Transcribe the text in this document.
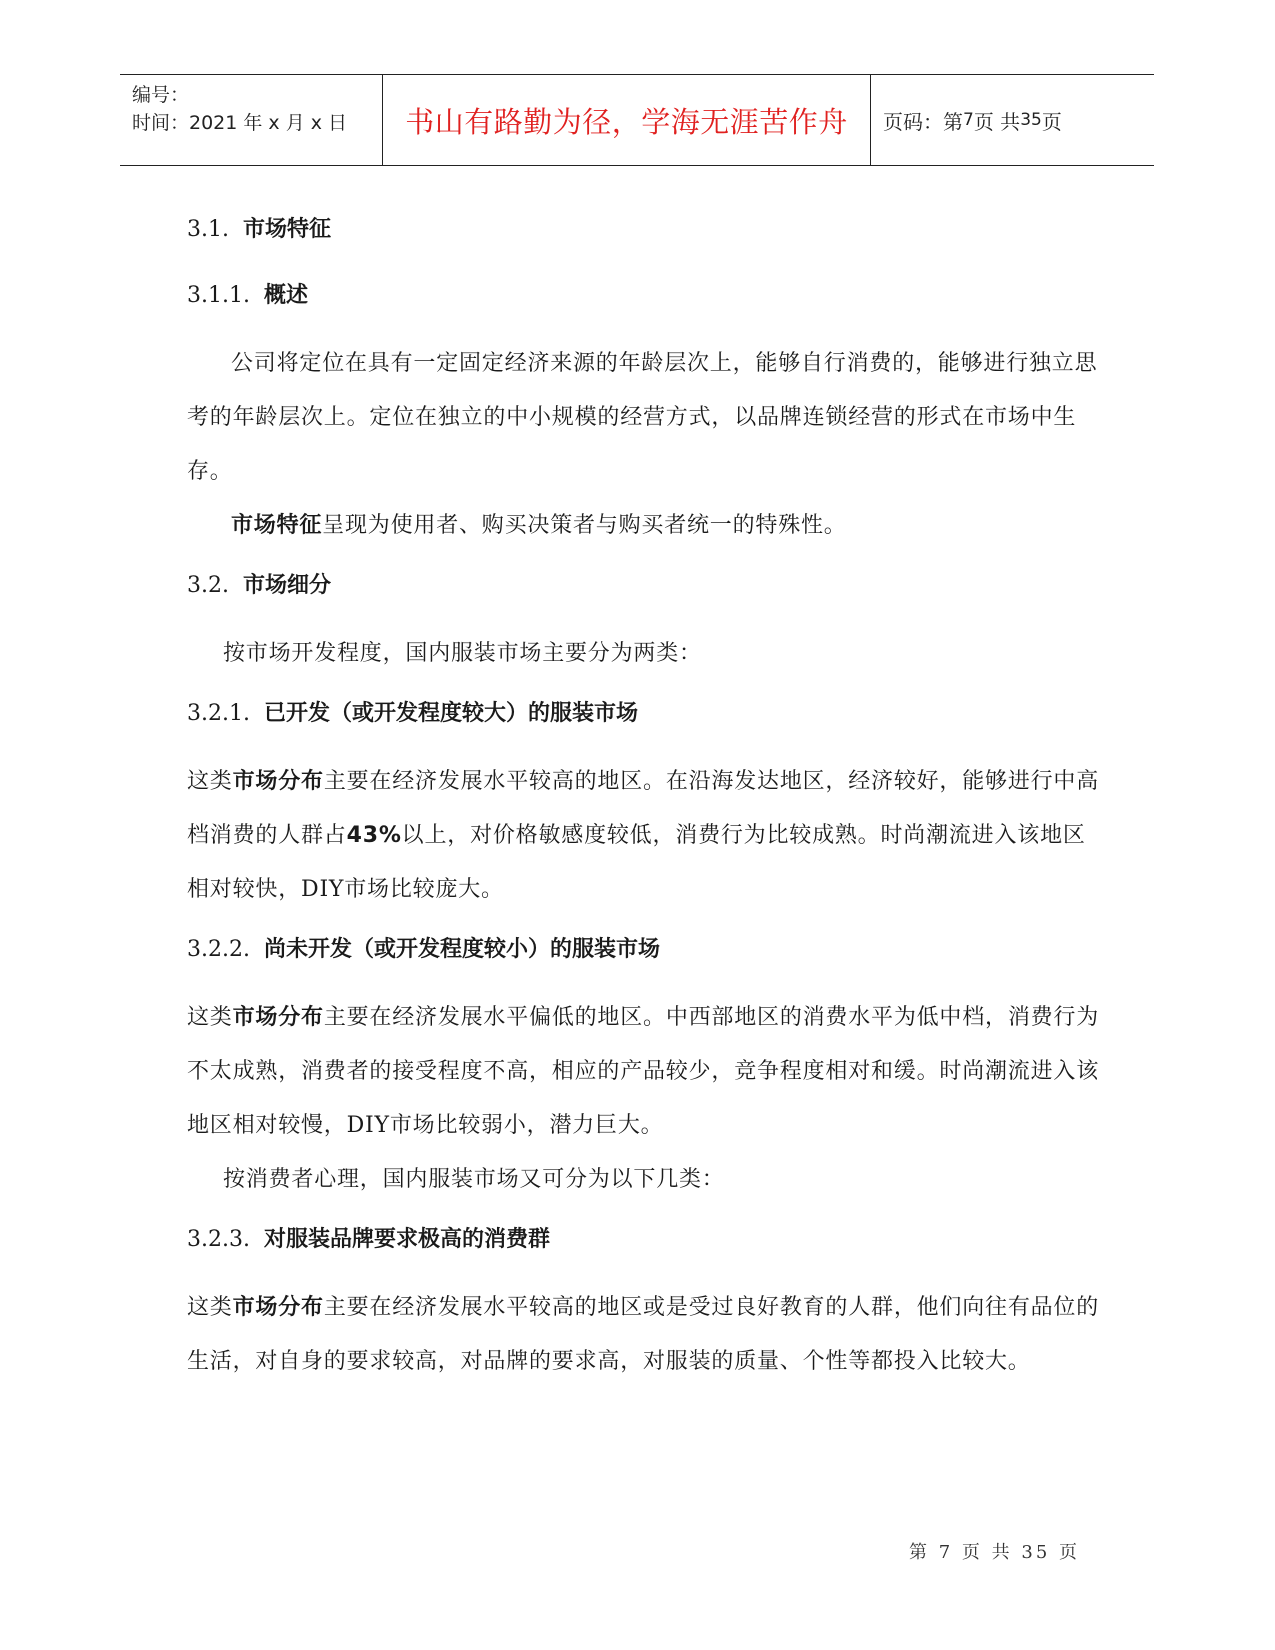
编号：
时间：2021 年 x 月 x 日	书山有路勤为径，学海无涯苦作舟	页码：第 7 页 共 35 页
3.1. 市场特征
3.1.1. 概述

公司将定位在具有一定固定经济来源的年龄层次上，能够自行消费的，能够进行独立思考的年龄层次上。定位在独立的中小规模的经营方式，以品牌连锁经营的形式在市场中生存。

市场特征呈现为使用者、购买决策者与购买者统一的特殊性。

3.2. 市场细分

按市场开发程度，国内服装市场主要分为两类：

3.2.1. 已开发（或开发程度较大）的服装市场

这类市场分布主要在经济发展水平较高的地区。在沿海发达地区，经济较好，能够进行中高档消费的人群占43%以上，对价格敏感度较低，消费行为比较成熟。时尚潮流进入该地区相对较快，DIY市场比较庞大。

3.2.2. 尚未开发（或开发程度较小）的服装市场

这类市场分布主要在经济发展水平偏低的地区。中西部地区的消费水平为低中档，消费行为不太成熟，消费者的接受程度不高，相应的产品较少，竞争程度相对和缓。时尚潮流进入该地区相对较慢，DIY市场比较弱小，潜力巨大。

按消费者心理，国内服装市场又可分为以下几类：

3.2.3. 对服装品牌要求极高的消费群

这类市场分布主要在经济发展水平较高的地区或是受过良好教育的人群，他们向往有品位的生活，对自身的要求较高，对品牌的要求高，对服装的质量、个性等都投入比较大。

第 7 页 共 35 页
